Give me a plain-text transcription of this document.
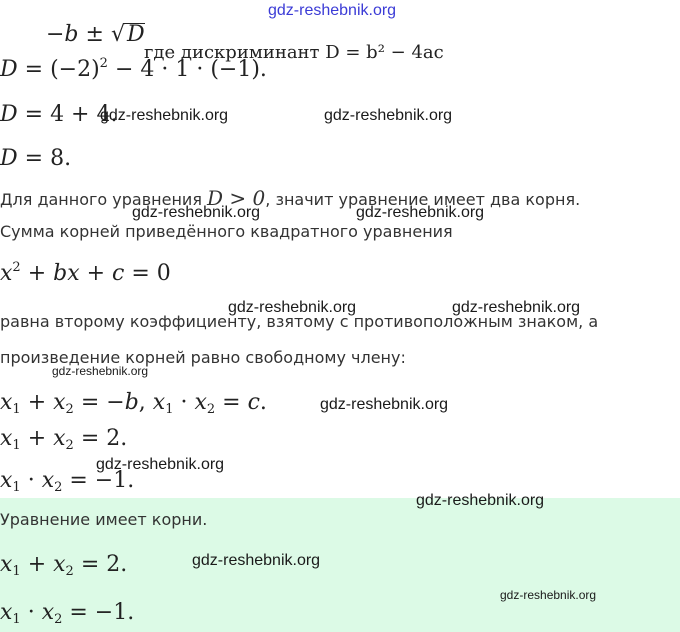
gdz-reshebnik.org
−b ± √D
где дискриминант D = b² − 4ac
$D = (-2)^2 - 4 \cdot 1 \cdot (-1)$.
D = 4 + 4.
D = 8.
Для данного уравнения D > 0, значит уравнение имеет два корня.
Сумма корней приведённого квадратного уравнения
$x^2$ + bx + c = 0
равна второму коэффициенту, взятому с противоположным знаком, а
произведение корней равно свободному члену:
$x_1 + x_2 = -b$, $x_1 \cdot x_2 = c$.
$x_1 + x_2 = 2$.
$x_1 \cdot x_2 = -1$.
Уравнение имеет корни.
$x_1 + x_2 = 2$.
$x_1 \cdot x_2 = -1$.
gdz-reshebnik.org	gdz-reshebnik.org
gdz-reshebnik.org	gdz-reshebnik.org
gdz-reshebnik.org	gdz-reshebnik.org
gdz-reshebnik.org
gdz-reshebnik.org
gdz-reshebnik.org
gdz-reshebnik.org
gdz-reshebnik.org
gdz-reshebnik.org
